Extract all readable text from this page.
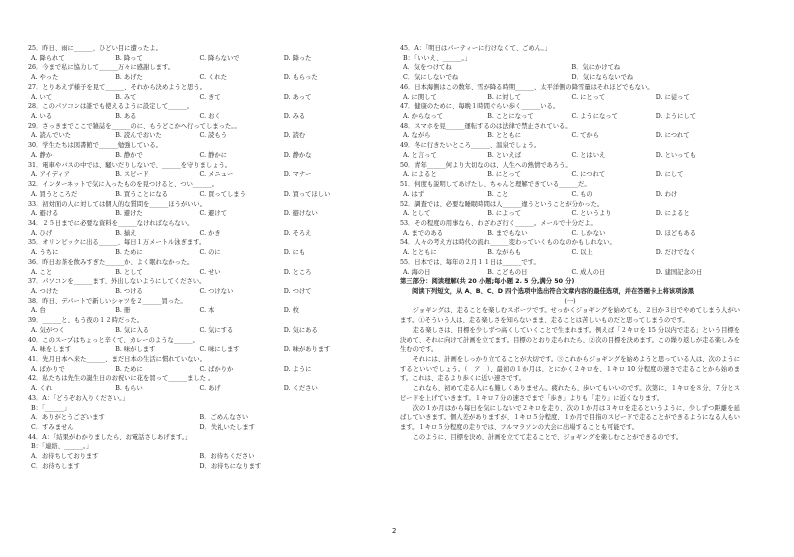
25．昨日、雨に______、ひどい目に遭ったよ。
A. 降られて	B. 降って	C. 降らないで	D. 降った
26．今まで私に協力して______万々に感謝します。
A. やった	B. あげた	C. くれた	D. もらった
27．とりあえず様子を見て______、それから決めようと思う。
A. いて	B. みて	C. きて	D. あって
28．このパソコンは誰でも使えるように設定して______。
A. いる	B. ある	C. おく	D. みる
29．さっきまでここで雑誌を______のに、もうどこかへ行ってしまった。。
A. 読んでいた	B. 読んでおいた	C. 読もう	D. 読む
30．学生たちは図書館で______勉強している。
A. 静か	B. 静かで	C. 静かに	D. 静かな
31．電車やバスの中では、騒いだりしないで、______を守りましょう。
A. アイディア	B. スピード	C. メニュー	D. マナー
32．インターネットで気に入ったものを見つけると、つい______。
A. 買うところだ	B. 買うことになる	C. 買ってしまう	D. 買ってほしい
33．初対面の人に対しては個人的な質問を______ほうがいい。
A. 避ける	B. 避けた	C. 避けて	D. 避けない
34．２５日までに必要な資料を______なければならない。
A. ひげ	B. 揃え	C. かき	D. そろえ
35．オリンピックに出る______、毎日１万メートル泳ぎます。
A. うちに	B. ために	C. のに	D. にも
36．昨日お茶を飲みすぎた______か、よく眠れなかった。
A. こと	B. として	C. せい	D. ところ
37．パソコンを______ます、外出しないようにしてください。
A. つけた	B. つける	C. つけない	D. つけて
38．昨日、デパートで新しいシャツを２______買った。
A. 台	B. 冊	C. 本	D. 枚
39．______と、もう夜の１２時だった。
A. 気がつく	B. 気に入る	C. 気にする	D. 気にある
40．このスープはちょっと辛くて、カレーのような______。
A. 味をします	B. 味がします	C. 味にします	D. 味があります
41．先月日本へ来た______、まだ日本の生活に慣れていない。
A. ばかりで	B. ために	C. ばかりか	D. ように
42．私たちは先生の誕生日のお祝いに花を買って______ました 。
A. くれ	B. もらい	C. あげ	D. ください
43．A：「どうぞお入りください。」
B：「______」
A．ありがとうございます	B．ごめんなさい
C．すみません	D．失礼いたします
44．A：「結果がわかりましたら、お電話さしあげます。」
B：「連絡、______。」
A．お待ちしております	B．お待ちください
C．お待ちします	D．お待ちになります
45．A：「明日はパーティーに行けなくて、ごめん。」
B：「いいえ、______。」
A．気をつけてね	B．気にかけてね
C．気にしないでね	D．気にならないでね
46．日本海側はこの数年、雪が降る時期______、太平洋側の降雪量はそれほどでもない。
A. に関して	B. に対して	C. にとって	D. に従って
47．健康のために、毎晩１時間ぐらい歩く______いる。
A. からなって	B. ことになって	C. ようになって	D. ようにして
48．スマホを見______運転するのは法律で禁止されている。
A. ながら	B. とともに	C. てから	D. につれて
49．冬に行きたいところ______、温泉でしょう。
A. と言って	B. といえば	C. とはいえ	D. といっても
50．青年______何より大切なのは、人生への熱情であろう。
A. によると	B. にとって	C. につれて	D. にして
51．何度も説明してあげたし、ちゃんと理解できている______だ。
A. はず	B. こと	C. もの	D. わけ
52．調査では、必要な睡眠時間は人______違うということが分かった。
A. として	B. によって	C. というより	D. によると
53．その程度の用事なら、わざわざ行く______。メールで十分だよ。
A. までのある	B. までもない	C. しかない	D. ほどもある
54．人々の考え方は時代の流れ______変わっていくものなのかもしれない。
A. とともに	B. ながらも	C. 以上	D. だけでなく
55．日本では、毎年の２月１１日は______です。
A. 海の日	B. こどもの日	C. 成人の日	D. 建国記念の日
第三部分：阅读理解(共 20 小题;每小题 2. 5 分,满分 50 分)
阅读下列短文，从 A、B、C、D 四个选项中选出符合文章内容的最佳选项，并在答题卡上将该项涂黑
(一)
ジョギングは、走ることを楽しむスポーツです。せっかくジョギングを始めても、２日か３日でやめてしまう人がいます。①そういう人は、走る楽しさを知らないまま、走ることは苦しいものだと思ってしまうのです。
走る楽しさは、目標を少しずつ高くしていくことで生まれます。例えば「２キロを 15 分以内で走る」という目標を決めて、それに向けて計画を立てます。目標のとおり走られたら、②次の目標を決めます。この繰り返しが走る楽しみを生むのです。
それには、計画をしっかり立てることが大切です。③これからジョギングを始めようと思っている人は、次のようにするといいでしょう。（　ア　）、最初の１か月は、とにかく２キロを、１キロ 10 分程度の速さで走ることから始めます。これは、走るより歩くに近い速さです。
これなら、初めて走る人にも難しくありません。疲れたら、歩いてもいいのです。次第に、１キロを８分、７分とスピードを上げていきます。１キロ７分の速さでまで「歩き」よりも「走り」に近くなります。
次の１か月はから毎日を気にしないで２キロを走り、次の１か月は３キロを走るというように、少しずつ距離を延ばしていきます。個人差がありますが、１キロ５分程度、１か月で目指のスピードで走ることができるようになる人もいます。１キロ５分程度の走りでは、フルマラソンの大会に出場することも可能です。
このように、目標を決め、計画を立てて走ることで、ジョギングを楽しむことができるのです。
2
